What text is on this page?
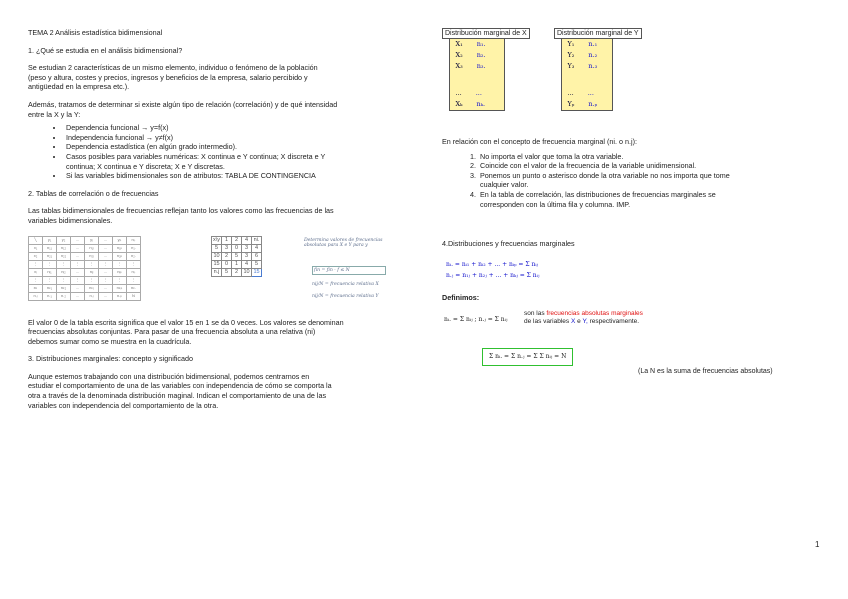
TEMA 2 Análisis estadística bidimensional

1. ¿Qué se estudia en el análisis bidimensional?

Se estudian 2 características de un mismo elemento, individuo o fenómeno de la población

(peso y altura, costes y precios, ingresos y beneficios de la empresa, salario percibido y

antigüedad en la empresa etc.).

Además, tratamos de determinar si existe algún tipo de relación (correlación) y de qué intensidad

entre la X y la Y:

• Dependencia funcional → y=f(x)
• Independencia funcional → y≠f(x)
• Dependencia estadística (en algún grado intermedio).
• Casos posibles para variables numéricas: X continua e Y continua; X discreta e Y
continua; X continua e Y discreta; X e Y discretas.
• Si las variables bidimensionales son de atributos: TABLA DE CONTINGENCIA

2. Tablas de correlación o de frecuencias

Las tablas bidimensionales de frecuencias reflejan tanto los valores como las frecuencias de las

variables bidimensionales.

╲	y₁	y₂	…	yⱼ	…	yₚ	nᵢ.
x₁	n₁₁	n₁₂	…	n₁ⱼ	…	n₁ₚ	n₁.
x₂	n₂₁	n₂₂	…	n₂ⱼ	…	n₂ₚ	n₂.
⋮	⋮	⋮	⋮	⋮	⋮	⋮	⋮
xᵢ	nᵢ₁	nᵢ₂	…	nᵢⱼ	…	nᵢₚ	nᵢ.
⋮	⋮	⋮	⋮	⋮	⋮	⋮	⋮
xₖ	nₖ₁	nₖ₂	…	nₖⱼ	…	nₖₚ	nₖ.
n.ⱼ	n.₁	n.₂	…	n.ⱼ	…	n.ₚ	N
x\y	1	2	4	ni.
5	3	0	3	4
10	2	5	3	6
15	0	1	4	5
n.j	5	2	10	15
Determina valores de frecuencias absolutas para X e Y para y
fin = ƒin · f ≤ N
nij/N = frecuencia relativa X
nij/N = frecuencia relativa Y

El valor 0 de la tabla escrita significa que el valor 15 en 1 se da 0 veces. Los valores se denominan

frecuencias absolutas conjuntas. Para pasar de una frecuencia absoluta a una relativa (ni)

debemos sumar como se muestra en la cuadrícula.

3. Distribuciones marginales: concepto y significado

Aunque estemos trabajando con una distribución bidimensional, podemos centrarnos en

estudiar el comportamiento de una de las variables con independencia de cómo se comporta la

otra a través de la denominada distribución maginal. Indican el comportamiento de una de las

variables con independencia del comportamiento de la otra.

Distribución marginal de X

X₁ n₁.
X₂ n₂.
X₃ n₃.
... ...
Xₖ nₖ.
Distribución marginal de Y

Y₁ n.₁
Y₂ n.₂
Y₃ n.₃
... ...
Yₚ n.ₚ

En relación con el concepto de frecuencia marginal (ni. o n.j):

1. No importa el valor que toma la otra variable.
2. Coincide con el valor de la frecuencia de la variable unidimensional.
3. Ponemos un punto o asterisco donde la otra variable no nos importa que tome
cualquier valor.
4. En la tabla de correlación, las distribuciones de frecuencias marginales se
corresponden con la última fila y columna. IMP.

4.Distribuciones y frecuencias marginales

nᵢ. = nᵢ₁ + nᵢ₂ + ... + nᵢₚ = Σ nᵢⱼ
n.ⱼ = n₁ⱼ + n₂ⱼ + ... + nₖⱼ = Σ nᵢⱼ

Definimos:

nᵢ. = Σ nᵢⱼ ; n.ⱼ = Σ nᵢⱼ
son las frecuencias absolutas marginales de las variables X e Y, respectivamente.
Σ nᵢ. = Σ n.ⱼ = Σ Σ nᵢⱼ = N
(La N es la suma de frecuencias absolutas)
1
